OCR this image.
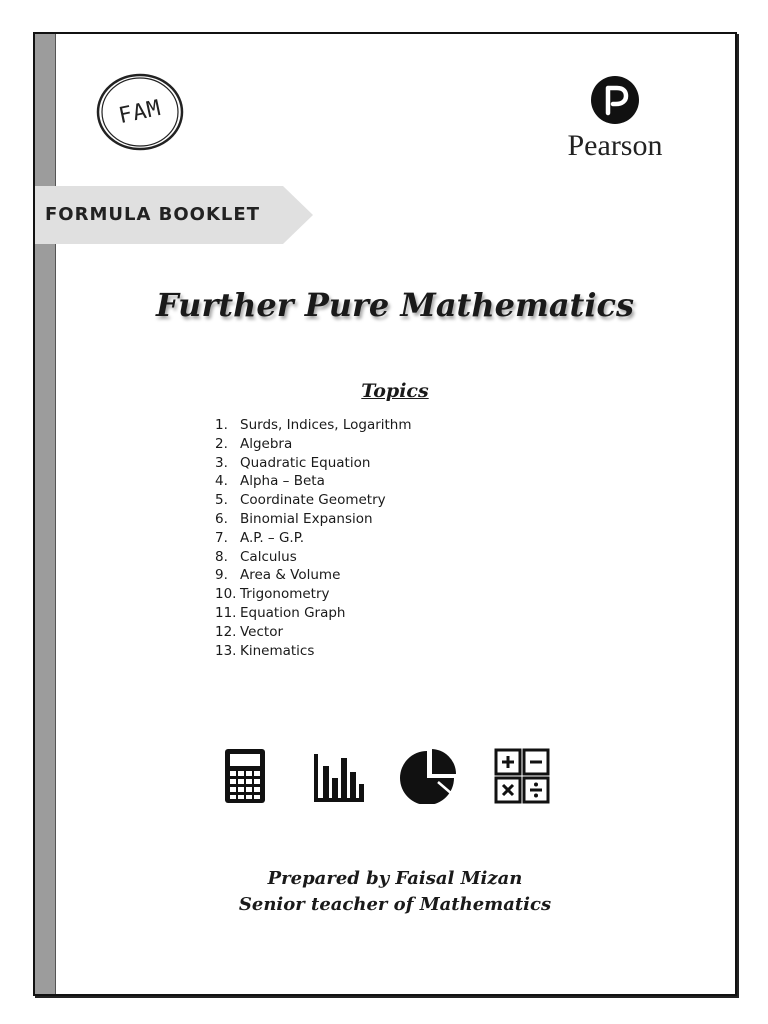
FAM
Pearson
FORMULA BOOKLET
Further Pure Mathematics
Topics
1. Surds, Indices, Logarithm
2. Algebra
3. Quadratic Equation
4. Alpha – Beta
5. Coordinate Geometry
6. Binomial Expansion
7. A.P. – G.P.
8. Calculus
9. Area & Volume
10. Trigonometry
11. Equation Graph
12. Vector
13. Kinematics
Prepared by Faisal Mizan
Senior teacher of Mathematics
